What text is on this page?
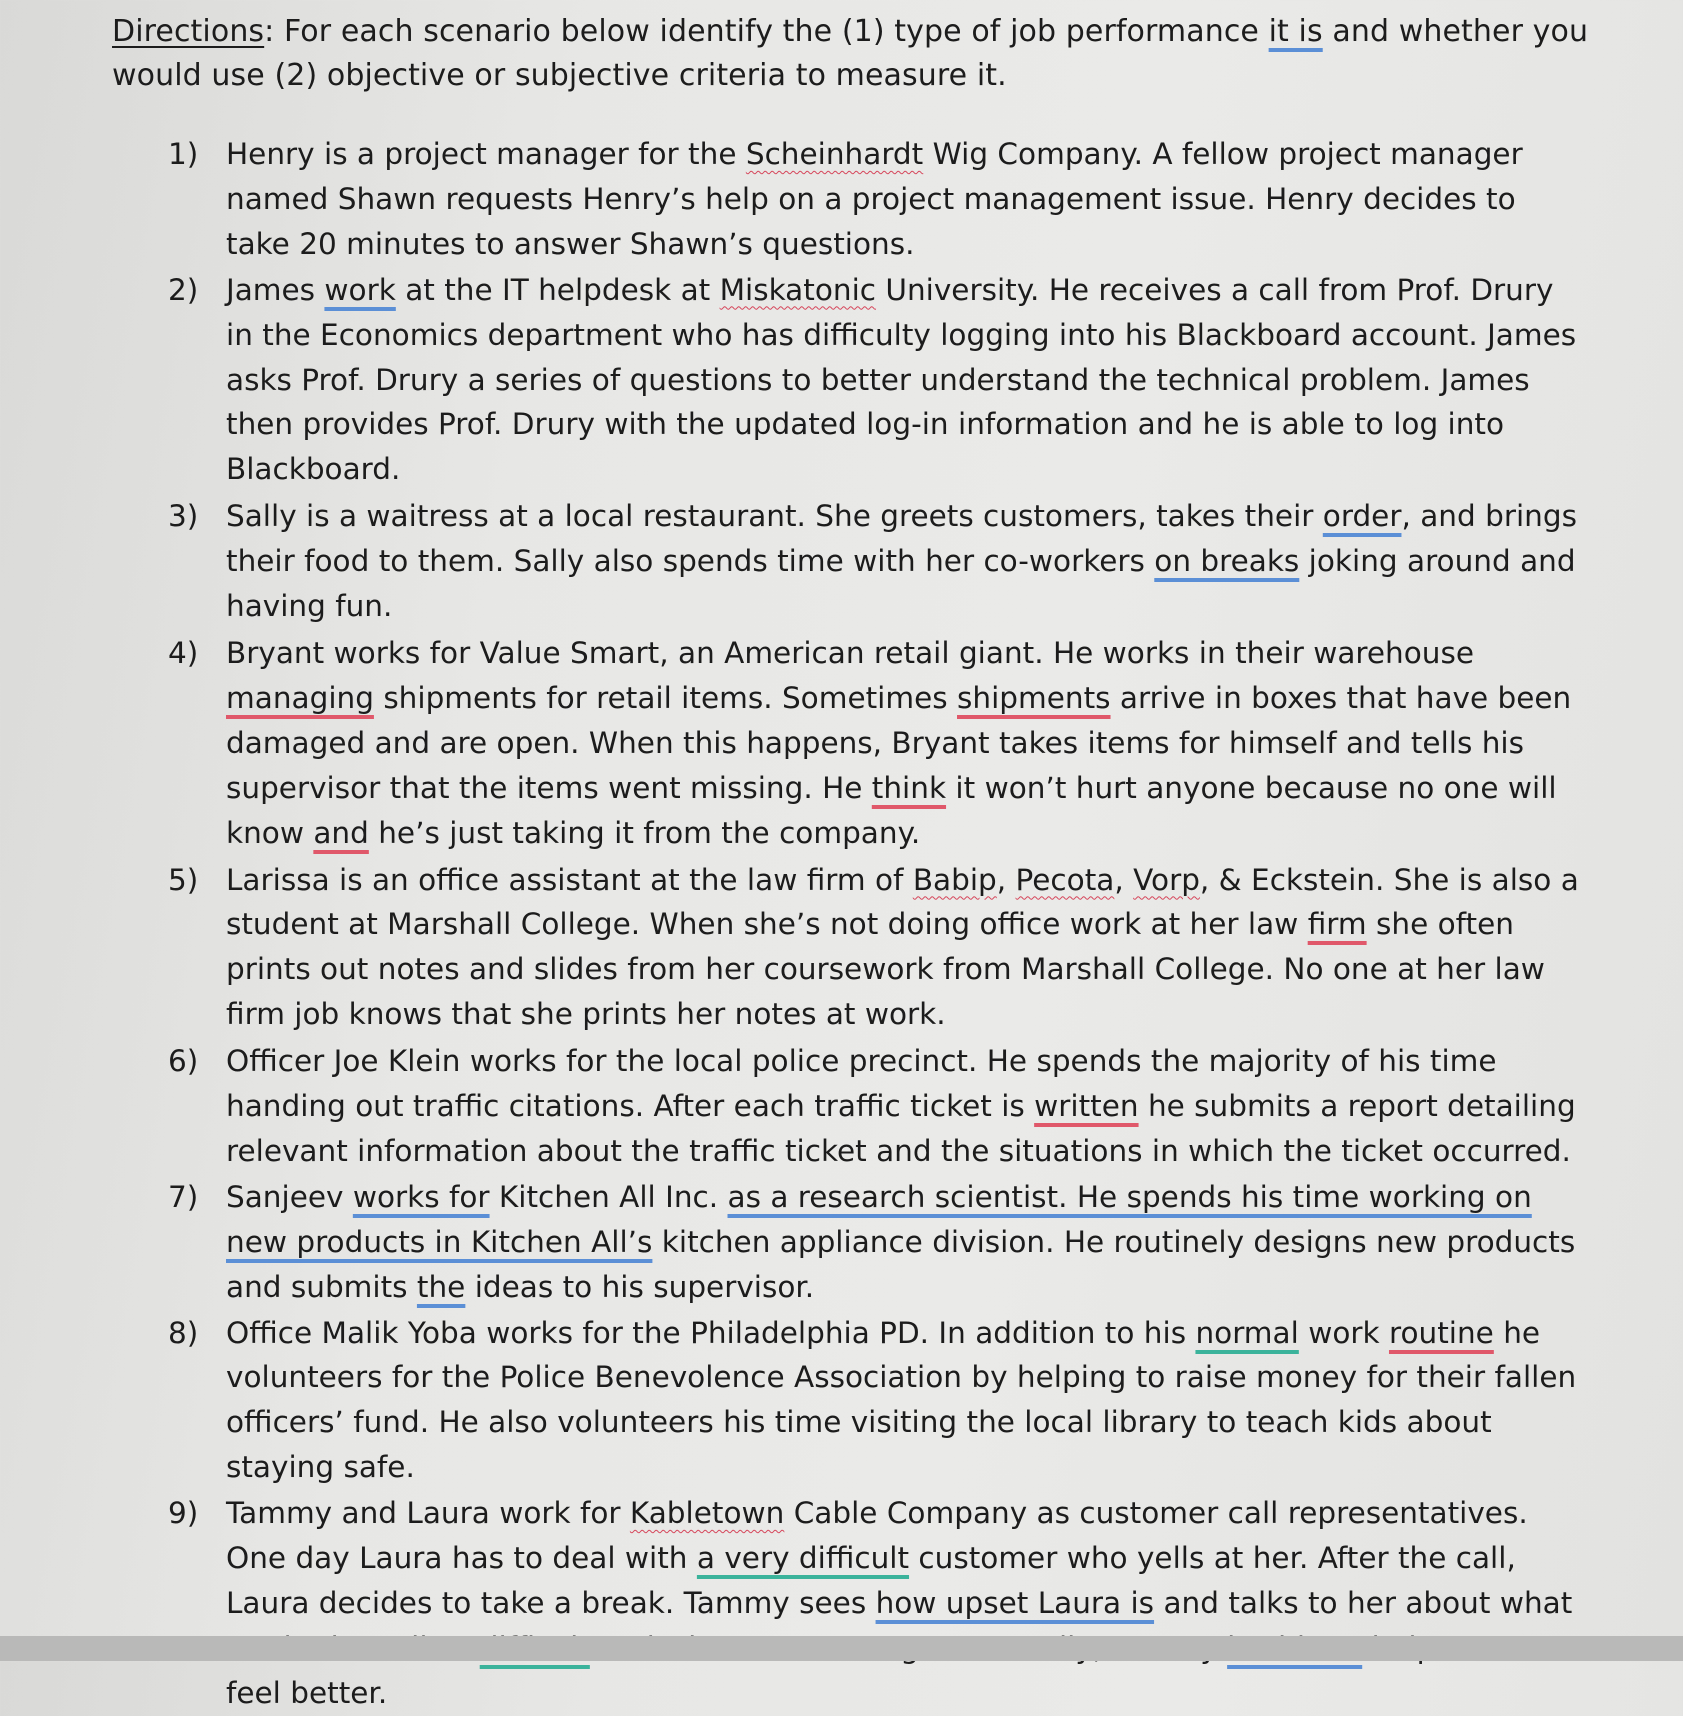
Directions: For each scenario below identify the (1) type of job performance it is and whether you would use (2) objective or subjective criteria to measure it.
1) Henry is a project manager for the Scheinhardt Wig Company. A fellow project manager named Shawn requests Henry’s help on a project management issue. Henry decides to take 20 minutes to answer Shawn’s questions.
2) James work at the IT helpdesk at Miskatonic University. He receives a call from Prof. Drury in the Economics department who has difficulty logging into his Blackboard account. James asks Prof. Drury a series of questions to better understand the technical problem. James then provides Prof. Drury with the updated log-in information and he is able to log into Blackboard.
3) Sally is a waitress at a local restaurant. She greets customers, takes their order, and brings their food to them. Sally also spends time with her co-workers on breaks joking around and having fun.
4) Bryant works for Value Smart, an American retail giant. He works in their warehouse managing shipments for retail items. Sometimes shipments arrive in boxes that have been damaged and are open. When this happens, Bryant takes items for himself and tells his supervisor that the items went missing. He think it won’t hurt anyone because no one will know and he’s just taking it from the company.
5) Larissa is an office assistant at the law firm of Babip, Pecota, Vorp, & Eckstein. She is also a student at Marshall College. When she’s not doing office work at her law firm she often prints out notes and slides from her coursework from Marshall College. No one at her law firm job knows that she prints her notes at work.
6) Officer Joe Klein works for the local police precinct. He spends the majority of his time handing out traffic citations. After each traffic ticket is written he submits a report detailing relevant information about the traffic ticket and the situations in which the ticket occurred.
7) Sanjeev works for Kitchen All Inc. as a research scientist. He spends his time working on new products in Kitchen All’s kitchen appliance division. He routinely designs new products and submits the ideas to his supervisor.
8) Office Malik Yoba works for the Philadelphia PD. In addition to his normal work routine he volunteers for the Police Benevolence Association by helping to raise money for their fallen officers’ fund. He also volunteers his time visiting the local library to teach kids about staying safe.
9) Tammy and Laura work for Kabletown Cable Company as customer call representatives. One day Laura has to deal with a very difficult customer who yells at her. After the call, Laura decides to take a break. Tammy sees how upset Laura is and talks to her about what feel better.
